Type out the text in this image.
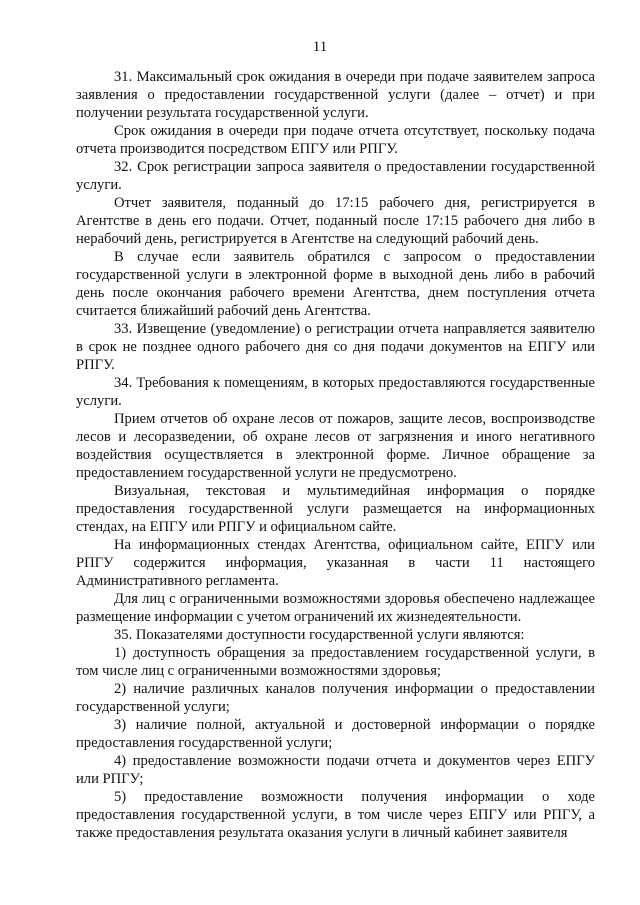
11

31. Максимальный срок ожидания в очереди при подаче заявителем запроса заявления о предоставлении государственной услуги (далее – отчет) и при получении результата государственной услуги.

Срок ожидания в очереди при подаче отчета отсутствует, поскольку подача отчета производится посредством ЕПГУ или РПГУ.

32. Срок регистрации запроса заявителя о предоставлении государственной услуги.

Отчет заявителя, поданный до 17:15 рабочего дня, регистрируется в Агентстве в день его подачи. Отчет, поданный после 17:15 рабочего дня либо в нерабочий день, регистрируется в Агентстве на следующий рабочий день.

В случае если заявитель обратился с запросом о предоставлении государственной услуги в электронной форме в выходной день либо в рабочий день после окончания рабочего времени Агентства, днем поступления отчета считается ближайший рабочий день Агентства.

33. Извещение (уведомление) о регистрации отчета направляется заявителю в срок не позднее одного рабочего дня со дня подачи документов на ЕПГУ или РПГУ.

34. Требования к помещениям, в которых предоставляются государственные услуги.

Прием отчетов об охране лесов от пожаров, защите лесов, воспроизводстве лесов и лесоразведении, об охране лесов от загрязнения и иного негативного воздействия осуществляется в электронной форме. Личное обращение за предоставлением государственной услуги не предусмотрено.

Визуальная, текстовая и мультимедийная информация о порядке предоставления государственной услуги размещается на информационных стендах, на ЕПГУ или РПГУ и официальном сайте.

На информационных стендах Агентства, официальном сайте, ЕПГУ или РПГУ содержится информация, указанная в части 11 настоящего Административного регламента.

Для лиц с ограниченными возможностями здоровья обеспечено надлежащее размещение информации с учетом ограничений их жизнедеятельности.

35. Показателями доступности государственной услуги являются:

1) доступность обращения за предоставлением государственной услуги, в том числе лиц с ограниченными возможностями здоровья;

2) наличие различных каналов получения информации о предоставлении государственной услуги;

3) наличие полной, актуальной и достоверной информации о порядке предоставления государственной услуги;

4) предоставление возможности подачи отчета и документов через ЕПГУ или РПГУ;

5) предоставление возможности получения информации о ходе предоставления государственной услуги, в том числе через ЕПГУ или РПГУ, а также предоставления результата оказания услуги в личный кабинет заявителя
